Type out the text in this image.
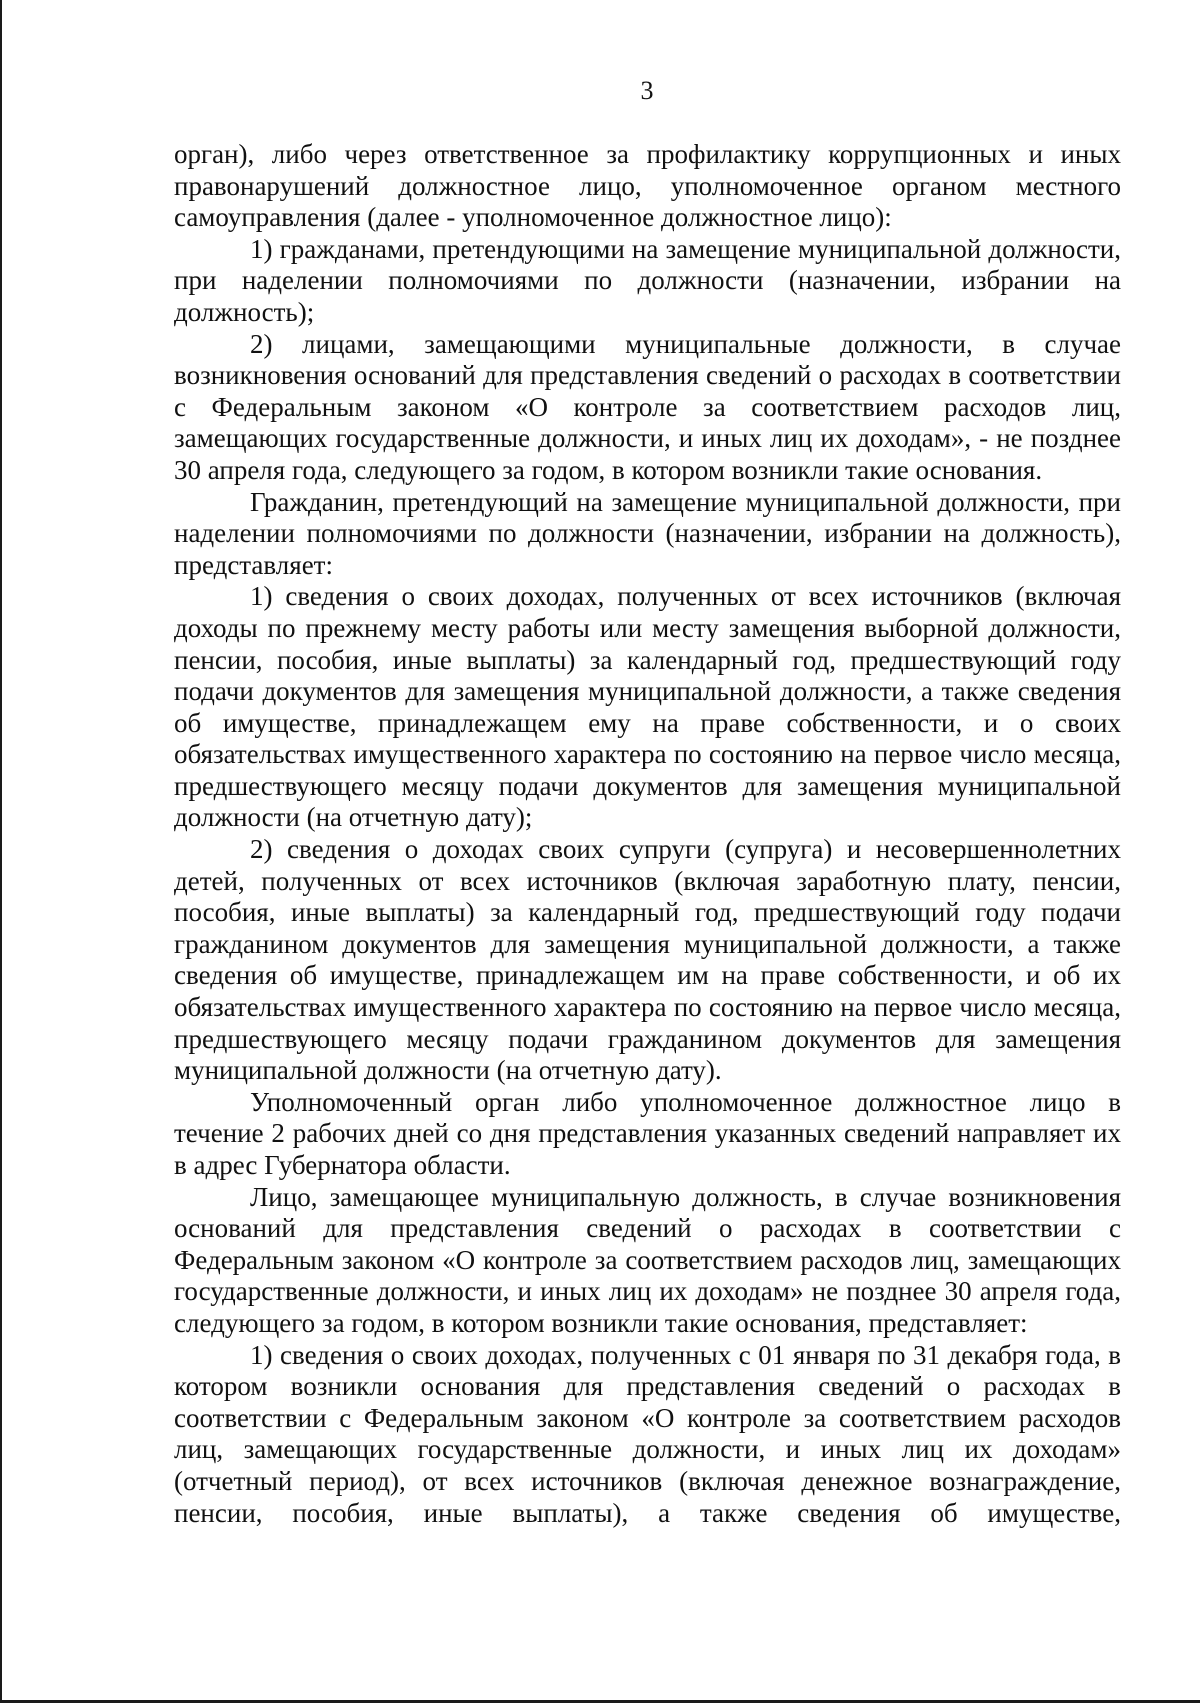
3

орган), либо через ответственное за профилактику коррупционных и иных правонарушений должностное лицо, уполномоченное органом местного самоуправления (далее - уполномоченное должностное лицо):

1) гражданами, претендующими на замещение муниципальной должности, при наделении полномочиями по должности (назначении, избрании на должность);

2) лицами, замещающими муниципальные должности, в случае возникновения оснований для представления сведений о расходах в соответствии с Федеральным законом «О контроле за соответствием расходов лиц, замещающих государственные должности, и иных лиц их доходам», - не позднее 30 апреля года, следующего за годом, в котором возникли такие основания.

Гражданин, претендующий на замещение муниципальной должности, при наделении полномочиями по должности (назначении, избрании на должность), представляет:

1) сведения о своих доходах, полученных от всех источников (включая доходы по прежнему месту работы или месту замещения выборной должности, пенсии, пособия, иные выплаты) за календарный год, предшествующий году подачи документов для замещения муниципальной должности, а также сведения об имуществе, принадлежащем ему на праве собственности, и о своих обязательствах имущественного характера по состоянию на первое число месяца, предшествующего месяцу подачи документов для замещения муниципальной должности (на отчетную дату);

2) сведения о доходах своих супруги (супруга) и несовершеннолетних детей, полученных от всех источников (включая заработную плату, пенсии, пособия, иные выплаты) за календарный год, предшествующий году подачи гражданином документов для замещения муниципальной должности, а также сведения об имуществе, принадлежащем им на праве собственности, и об их обязательствах имущественного характера по состоянию на первое число месяца, предшествующего месяцу подачи гражданином документов для замещения муниципальной должности (на отчетную дату).

Уполномоченный орган либо уполномоченное должностное лицо в течение 2 рабочих дней со дня представления указанных сведений направляет их в адрес Губернатора области.

Лицо, замещающее муниципальную должность, в случае возникновения оснований для представления сведений о расходах в соответствии с Федеральным законом «О контроле за соответствием расходов лиц, замещающих государственные должности, и иных лиц их доходам» не позднее 30 апреля года, следующего за годом, в котором возникли такие основания, представляет:

1) сведения о своих доходах, полученных с 01 января по 31 декабря года, в котором возникли основания для представления сведений о расходах в соответствии с Федеральным законом «О контроле за соответствием расходов лиц, замещающих государственные должности, и иных лиц их доходам» (отчетный период), от всех источников (включая денежное вознаграждение, пенсии, пособия, иные выплаты), а также сведения об имуществе,
